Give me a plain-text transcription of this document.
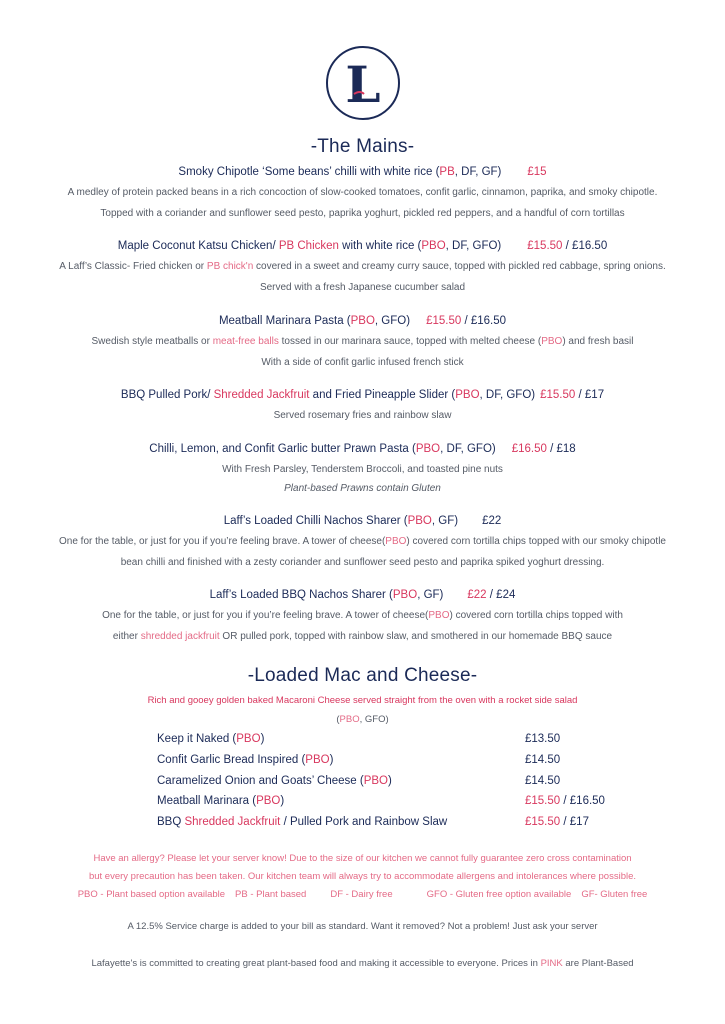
L
-The Mains-
Smoky Chipotle ‘Some beans’ chilli with white rice (PB, DF, GF) £15
A medley of protein packed beans in a rich concoction of slow-cooked tomatoes, confit garlic, cinnamon, paprika, and smoky chipotle.
Topped with a coriander and sunflower seed pesto, paprika yoghurt, pickled red peppers, and a handful of corn tortillas
Maple Coconut Katsu Chicken/ PB Chicken with white rice (PBO, DF, GFO) £15.50 / £16.50
A Laff’s Classic- Fried chicken or PB chick'n covered in a sweet and creamy curry sauce, topped with pickled red cabbage, spring onions.
Served with a fresh Japanese cucumber salad
Meatball Marinara Pasta (PBO, GFO) £15.50 / £16.50
Swedish style meatballs or meat-free balls tossed in our marinara sauce, topped with melted cheese (PBO) and fresh basil
With a side of confit garlic infused french stick
BBQ Pulled Pork/ Shredded Jackfruit and Fried Pineapple Slider (PBO, DF, GFO) £15.50 / £17
Served rosemary fries and rainbow slaw
Chilli, Lemon, and Confit Garlic butter Prawn Pasta (PBO, DF, GFO) £16.50 / £18
With Fresh Parsley, Tenderstem Broccoli, and toasted pine nuts
Plant-based Prawns contain Gluten
Laff’s Loaded Chilli Nachos Sharer (PBO, GF) £22
One for the table, or just for you if you’re feeling brave. A tower of cheese(PBO) covered corn tortilla chips topped with our smoky chipotle
bean chilli and finished with a zesty coriander and sunflower seed pesto and paprika spiked yoghurt dressing.
Laff’s Loaded BBQ Nachos Sharer (PBO, GF) £22 / £24
One for the table, or just for you if you’re feeling brave. A tower of cheese(PBO) covered corn tortilla chips topped with
either shredded jackfruit OR pulled pork, topped with rainbow slaw, and smothered in our homemade BBQ sauce
-Loaded Mac and Cheese-
Rich and gooey golden baked Macaroni Cheese served straight from the oven with a rocket side salad
(PBO, GFO)
Keep it Naked (PBO)	£13.50
Confit Garlic Bread Inspired (PBO)	£14.50
Caramelized Onion and Goats’ Cheese (PBO)	£14.50
Meatball Marinara (PBO)	£15.50 / £16.50
BBQ Shredded Jackfruit / Pulled Pork and Rainbow Slaw	£15.50 / £17
Have an allergy? Please let your server know! Due to the size of our kitchen we cannot fully guarantee zero cross contamination
but every precaution has been taken. Our kitchen team will always try to accommodate allergens and intolerances where possible.
PBO - Plant based option available PB - Plant based	DF - Dairy free	GFO - Gluten free option available GF- Gluten free
A 12.5% Service charge is added to your bill as standard. Want it removed? Not a problem! Just ask your server
Lafayette's is committed to creating great plant-based food and making it accessible to everyone. Prices in PINK are Plant-Based
